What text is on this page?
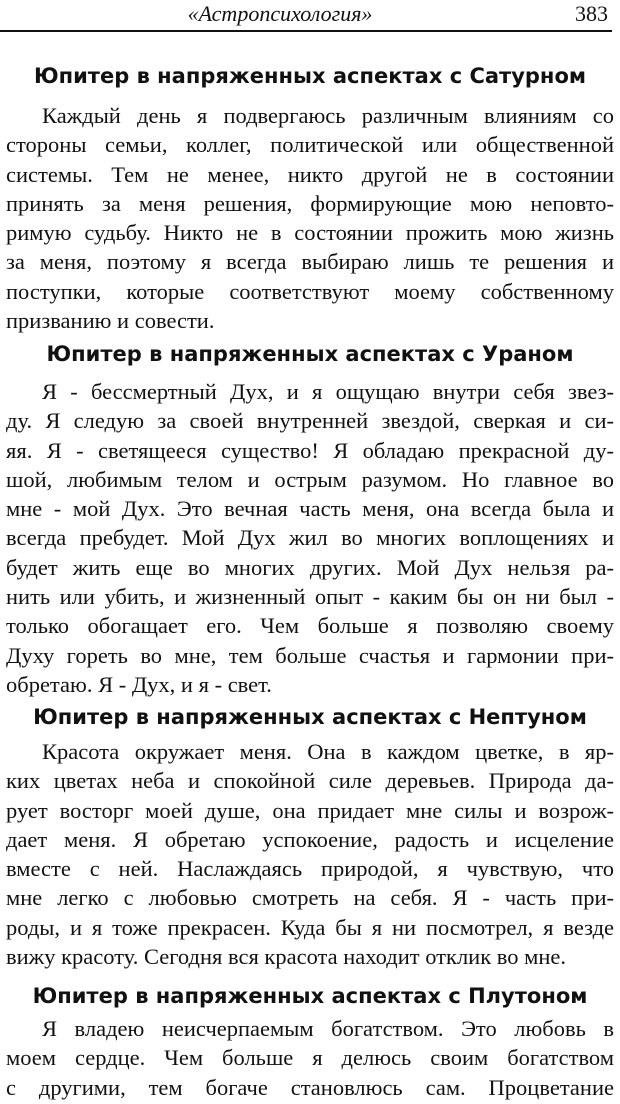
«Астропсихология»	383
Юпитер в напряженных аспектах с Сатурном
Каждый день я подвергаюсь различным влияниям со
стороны семьи, коллег, политической или общественной
системы. Тем не менее, никто другой не в состоянии
принять за меня решения, формирующие мою неповто-
римую судьбу. Никто не в состоянии прожить мою жизнь
за меня, поэтому я всегда выбираю лишь те решения и
поступки, которые соответствуют моему собственному
призванию и совести.
Юпитер в напряженных аспектах с Ураном
Я - бессмертный Дух, и я ощущаю внутри себя звез-
ду. Я следую за своей внутренней звездой, сверкая и си-
яя. Я - светящееся существо! Я обладаю прекрасной ду-
шой, любимым телом и острым разумом. Но главное во
мне - мой Дух. Это вечная часть меня, она всегда была и
всегда пребудет. Мой Дух жил во многих воплощениях и
будет жить еще во многих других. Мой Дух нельзя ра-
нить или убить, и жизненный опыт - каким бы он ни был -
только обогащает его. Чем больше я позволяю своему
Духу гореть во мне, тем больше счастья и гармонии при-
обретаю. Я - Дух, и я - свет.
Юпитер в напряженных аспектах с Нептуном
Красота окружает меня. Она в каждом цветке, в яр-
ких цветах неба и спокойной силе деревьев. Природа да-
рует восторг моей душе, она придает мне силы и возрож-
дает меня. Я обретаю успокоение, радость и исцеление
вместе с ней. Наслаждаясь природой, я чувствую, что
мне легко с любовью смотреть на себя. Я - часть при-
роды, и я тоже прекрасен. Куда бы я ни посмотрел, я везде
вижу красоту. Сегодня вся красота находит отклик во мне.
Юпитер в напряженных аспектах с Плутоном
Я владею неисчерпаемым богатством. Это любовь в
моем сердце. Чем больше я делюсь своим богатством
с другими, тем богаче становлюсь сам. Процветание
